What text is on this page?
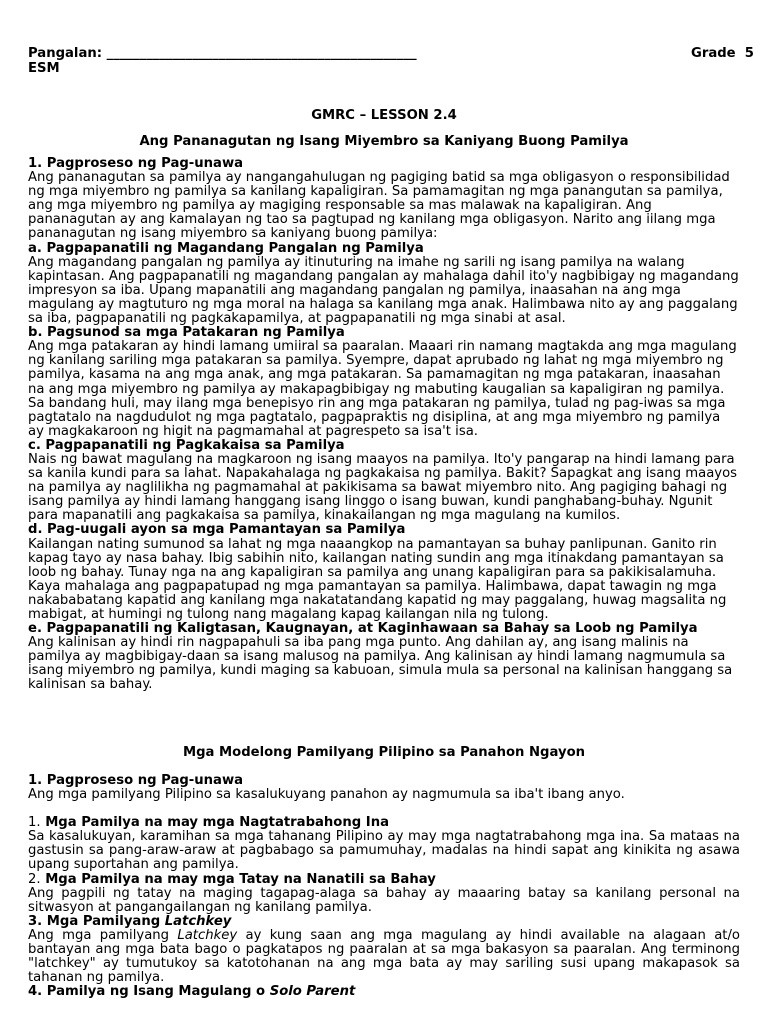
Pangalan: _______________________________________________	Grade  5
ESM

GMRC – LESSON 2.4

Ang Pananagutan ng Isang Miyembro sa Kaniyang Buong Pamilya

1. Pagproseso ng Pag-unawa

Ang pananagutan sa pamilya ay nangangahulugan ng pagiging batid sa mga obligasyon o responsibilidad ng mga miyembro ng pamilya sa kanilang kapaligiran. Sa pamamagitan ng mga panangutan sa pamilya, ang mga miyembro ng pamilya ay magiging responsable sa mas malawak na kapaligiran. Ang pananagutan ay ang kamalayan ng tao sa pagtupad ng kanilang mga obligasyon. Narito ang iilang mga pananagutan ng isang miyembro sa kaniyang buong pamilya:

a. Pagpapanatili ng Magandang Pangalan ng Pamilya

Ang magandang pangalan ng pamilya ay itinuturing na imahe ng sarili ng isang pamilya na walang kapintasan. Ang pagpapanatili ng magandang pangalan ay mahalaga dahil ito'y nagbibigay ng magandang impresyon sa iba. Upang mapanatili ang magandang pangalan ng pamilya, inaasahan na ang mga magulang ay magtuturo ng mga moral na halaga sa kanilang mga anak. Halimbawa nito ay ang paggalang sa iba, pagpapanatili ng pagkakapamilya, at pagpapanatili ng mga sinabi at asal.

b. Pagsunod sa mga Patakaran ng Pamilya

Ang mga patakaran ay hindi lamang umiiral sa paaralan. Maaari rin namang magtakda ang mga magulang ng kanilang sariling mga patakaran sa pamilya. Syempre, dapat aprubado ng lahat ng mga miyembro ng pamilya, kasama na ang mga anak, ang mga patakaran. Sa pamamagitan ng mga patakaran, inaasahan na ang mga miyembro ng pamilya ay makapagbibigay ng mabuting kaugalian sa kapaligiran ng pamilya. Sa bandang huli, may ilang mga benepisyo rin ang mga patakaran ng pamilya, tulad ng pag-iwas sa mga pagtatalo na nagdudulot ng mga pagtatalo, pagpapraktis ng disiplina, at ang mga miyembro ng pamilya ay magkakaroon ng higit na pagmamahal at pagrespeto sa isa't isa.

c. Pagpapanatili ng Pagkakaisa sa Pamilya

Nais ng bawat magulang na magkaroon ng isang maayos na pamilya. Ito'y pangarap na hindi lamang para sa kanila kundi para sa lahat. Napakahalaga ng pagkakaisa ng pamilya. Bakit? Sapagkat ang isang maayos na pamilya ay naglilikha ng pagmamahal at pakikisama sa bawat miyembro nito. Ang pagiging bahagi ng isang pamilya ay hindi lamang hanggang isang linggo o isang buwan, kundi panghabang-buhay. Ngunit para mapanatili ang pagkakaisa sa pamilya, kinakailangan ng mga magulang na kumilos.

d. Pag-uugali ayon sa mga Pamantayan sa Pamilya

Kailangan nating sumunod sa lahat ng mga naaangkop na pamantayan sa buhay panlipunan. Ganito rin kapag tayo ay nasa bahay. Ibig sabihin nito, kailangan nating sundin ang mga itinakdang pamantayan sa loob ng bahay. Tunay nga na ang kapaligiran sa pamilya ang unang kapaligiran para sa pakikisalamuha. Kaya mahalaga ang pagpapatupad ng mga pamantayan sa pamilya. Halimbawa, dapat tawagin ng mga nakababatang kapatid ang kanilang mga nakatatandang kapatid ng may paggalang, huwag magsalita ng mabigat, at humingi ng tulong nang magalang kapag kailangan nila ng tulong.

e. Pagpapanatili ng Kaligtasan, Kaugnayan, at Kaginhawaan sa Bahay sa Loob ng Pamilya

Ang kalinisan ay hindi rin nagpapahuli sa iba pang mga punto. Ang dahilan ay, ang isang malinis na pamilya ay magbibigay-daan sa isang malusog na pamilya. Ang kalinisan ay hindi lamang nagmumula sa isang miyembro ng pamilya, kundi maging sa kabuoan, simula mula sa personal na kalinisan hanggang sa kalinisan sa bahay.

Mga Modelong Pamilyang Pilipino sa Panahon Ngayon

1. Pagproseso ng Pag-unawa

Ang mga pamilyang Pilipino sa kasalukuyang panahon ay nagmumula sa iba't ibang anyo.

1. Mga Pamilya na may mga Nagtatrabahong Ina

Sa kasalukuyan, karamihan sa mga tahanang Pilipino ay may mga nagtatrabahong mga ina. Sa mataas na gastusin sa pang-araw-araw at pagbabago sa pamumuhay, madalas na hindi sapat ang kinikita ng asawa upang suportahan ang pamilya.

2. Mga Pamilya na may mga Tatay na Nanatili sa Bahay

Ang pagpili ng tatay na maging tagapag-alaga sa bahay ay maaaring batay sa kanilang personal na sitwasyon at pangangailangan ng kanilang pamilya.

3. Mga Pamilyang Latchkey

Ang mga pamilyang Latchkey ay kung saan ang mga magulang ay hindi available na alagaan at/o bantayan ang mga bata bago o pagkatapos ng paaralan at sa mga bakasyon sa paaralan. Ang terminong "latchkey" ay tumutukoy sa katotohanan na ang mga bata ay may sariling susi upang makapasok sa tahanan ng pamilya.

4. Pamilya ng Isang Magulang o Solo Parent
